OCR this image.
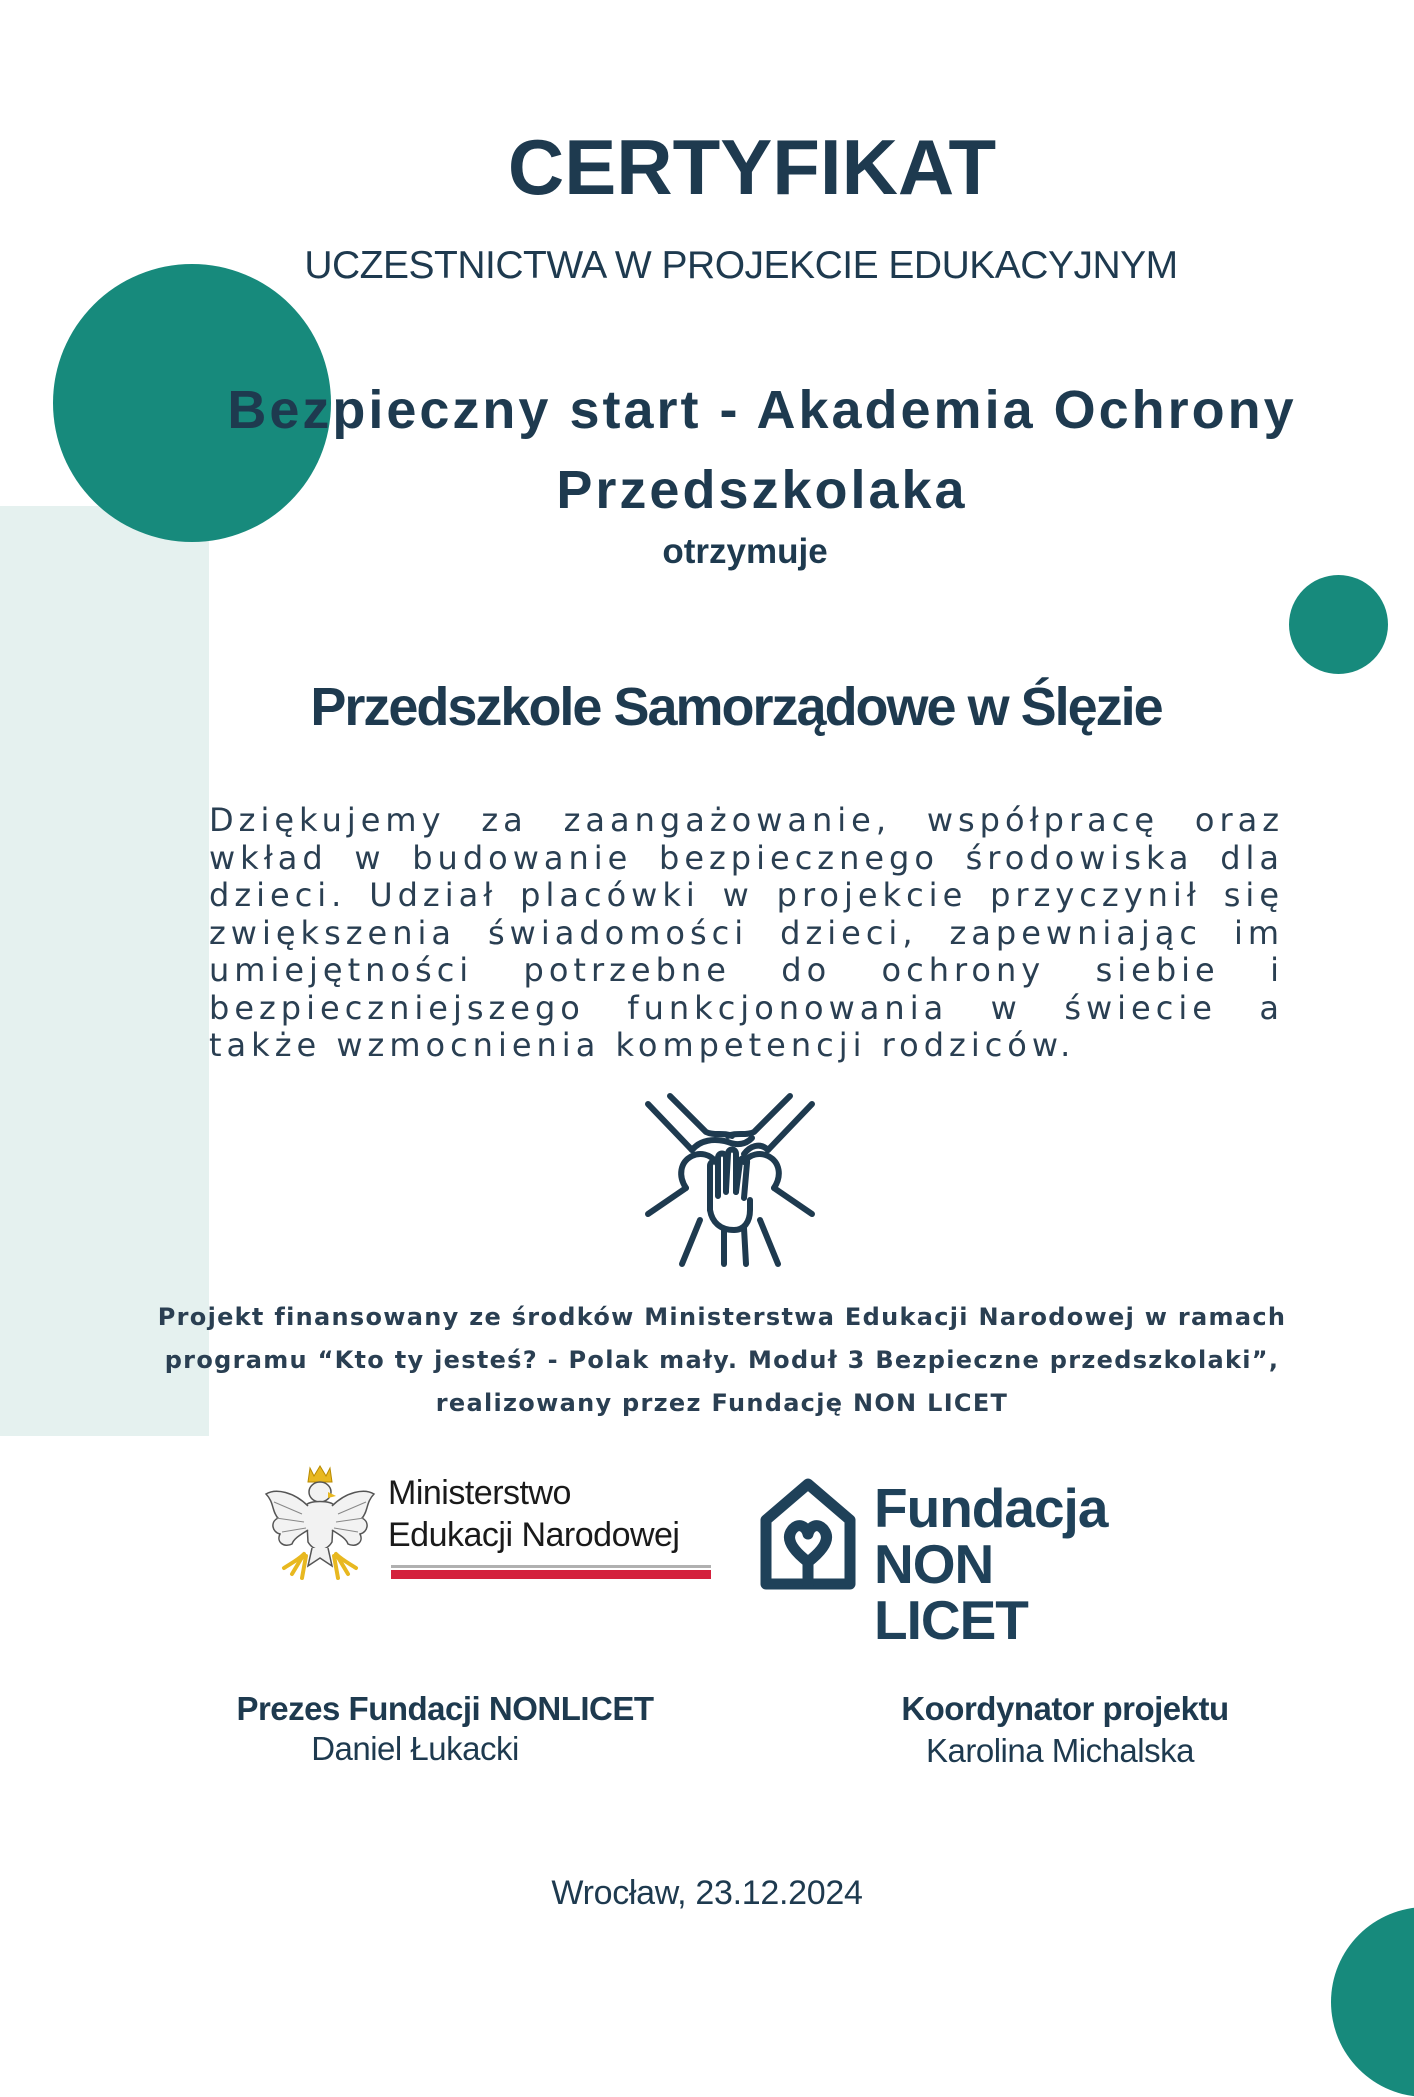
CERTYFIKAT
UCZESTNICTWA W PROJEKCIE EDUKACYJNYM
Bezpieczny start - Akademia Ochrony Przedszkolaka
otrzymuje
Przedszkole Samorządowe w Ślęzie
Dziękujemy za zaangażowanie, współpracę oraz wkład w budowanie bezpiecznego środowiska dla dzieci. Udział placówki w projekcie przyczynił się zwiększenia świadomości dzieci, zapewniając im umiejętności potrzebne do ochrony siebie i bezpieczniejszego funkcjonowania w świecie a także wzmocnienia kompetencji rodziców.
Projekt finansowany ze środków Ministerstwa Edukacji Narodowej w ramach programu “Kto ty jesteś? - Polak mały. Moduł 3 Bezpieczne przedszkolaki”, realizowany przez Fundację NON LICET
Ministerstwo
Edukacji Narodowej	Fundacja
NON LICET
Prezes Fundacji NONLICET
Daniel Łukacki
Koordynator projektu
Karolina Michalska
Wrocław, 23.12.2024
